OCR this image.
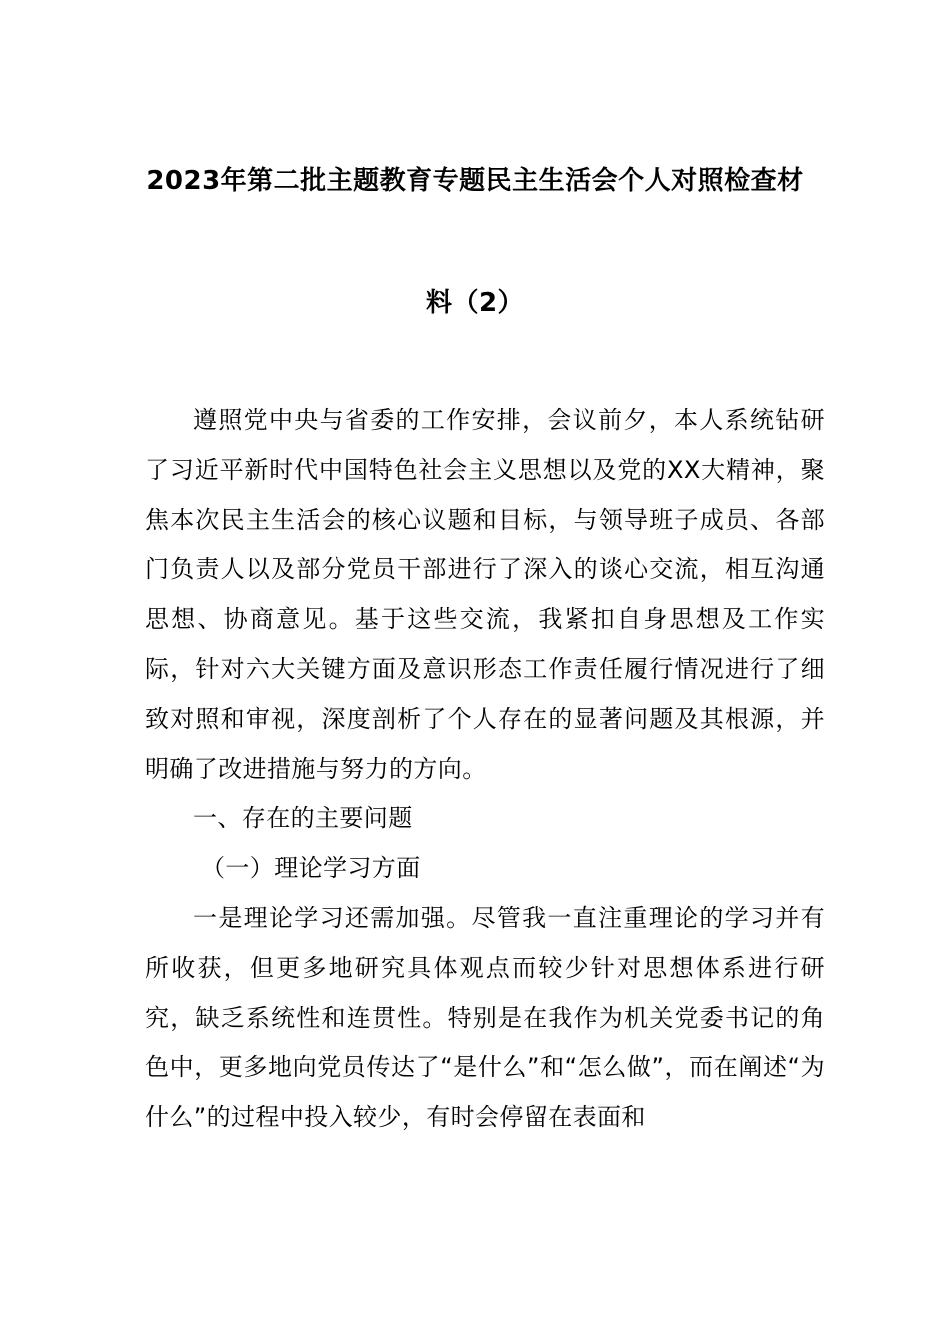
2023年第二批主题教育专题民主生活会个人对照检查材
料（2）

遵照党中央与省委的工作安排，会议前夕，本人系统钻研了习近平新时代中国特色社会主义思想以及党的XX大精神，聚焦本次民主生活会的核心议题和目标，与领导班子成员、各部门负责人以及部分党员干部进行了深入的谈心交流，相互沟通思想、协商意见。基于这些交流，我紧扣自身思想及工作实际，针对六大关键方面及意识形态工作责任履行情况进行了细致对照和审视，深度剖析了个人存在的显著问题及其根源，并明确了改进措施与努力的方向。

一、存在的主要问题

（一）理论学习方面

一是理论学习还需加强。尽管我一直注重理论的学习并有所收获，但更多地研究具体观点而较少针对思想体系进行研究，缺乏系统性和连贯性。特别是在我作为机关党委书记的角色中，更多地向党员传达了“是什么”和“怎么做”，而在阐述“为什么”的过程中投入较少，有时会停留在表面和
